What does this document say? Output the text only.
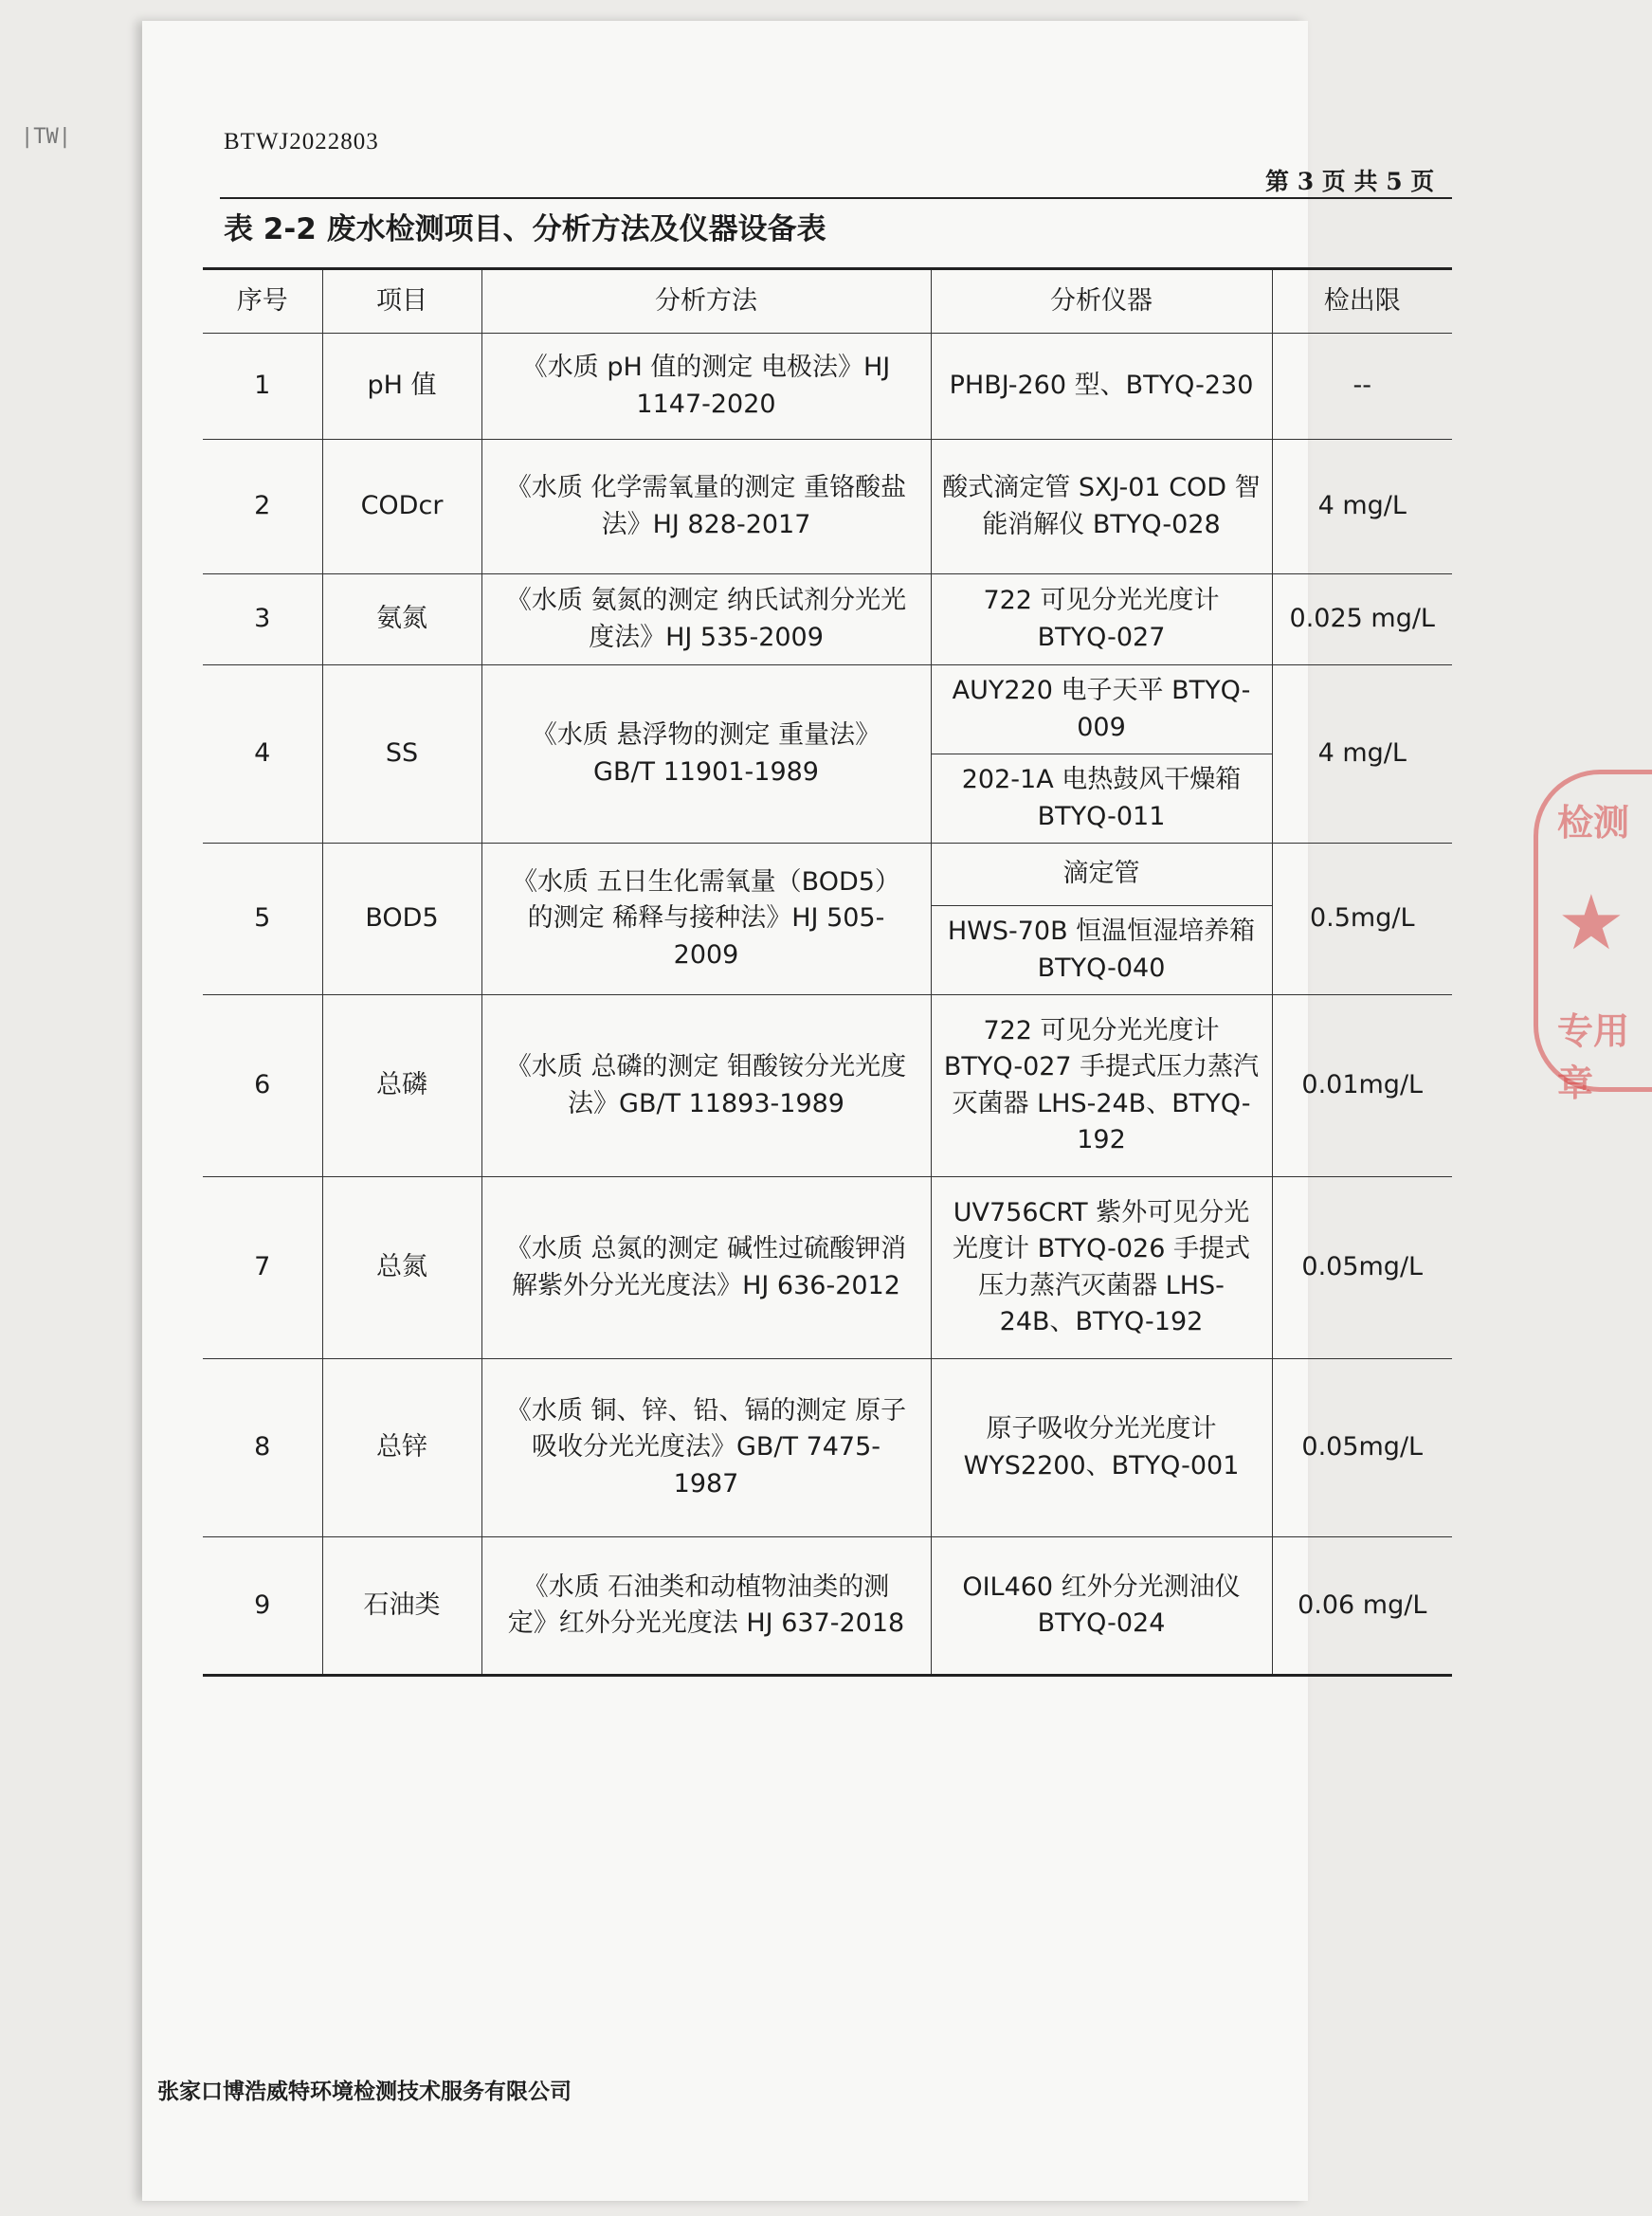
|TW|	BTWJ2022803
第 3 页 共 5 页
表 2-2 废水检测项目、分析方法及仪器设备表
序号	项目	分析方法	分析仪器	检出限
1	pH 值	《水质 pH 值的测定 电极法》HJ 1147-2020	PHBJ-260 型、BTYQ-230	--
2	CODcr	《水质 化学需氧量的测定 重铬酸盐法》HJ 828-2017	酸式滴定管 SXJ-01 COD 智能消解仪 BTYQ-028	4 mg/L
3	氨氮	《水质 氨氮的测定 纳氏试剂分光光度法》HJ 535-2009	722 可见分光光度计 BTYQ-027	0.025 mg/L
4	SS	《水质 悬浮物的测定 重量法》GB/T 11901-1989	AUY220 电子天平 BTYQ-009	4 mg/L
			202-1A 电热鼓风干燥箱 BTYQ-011	
5	BOD5	《水质 五日生化需氧量（BOD5）的测定 稀释与接种法》HJ 505-2009	滴定管	0.5mg/L
			HWS-70B 恒温恒湿培养箱 BTYQ-040	
6	总磷	《水质 总磷的测定 钼酸铵分光光度法》GB/T 11893-1989	722 可见分光光度计 BTYQ-027 手提式压力蒸汽灭菌器 LHS-24B、BTYQ-192	0.01mg/L
7	总氮	《水质 总氮的测定 碱性过硫酸钾消解紫外分光光度法》HJ 636-2012	UV756CRT 紫外可见分光光度计 BTYQ-026 手提式压力蒸汽灭菌器 LHS-24B、BTYQ-192	0.05mg/L
8	总锌	《水质 铜、锌、铅、镉的测定 原子吸收分光光度法》GB/T 7475-1987	原子吸收分光光度计 WYS2200、BTYQ-001	0.05mg/L
9	石油类	《水质 石油类和动植物油类的测定》红外分光光度法 HJ 637-2018	OIL460 红外分光测油仪 BTYQ-024	0.06 mg/L
张家口博浩威特环境检测技术服务有限公司
检测
★
专用章
